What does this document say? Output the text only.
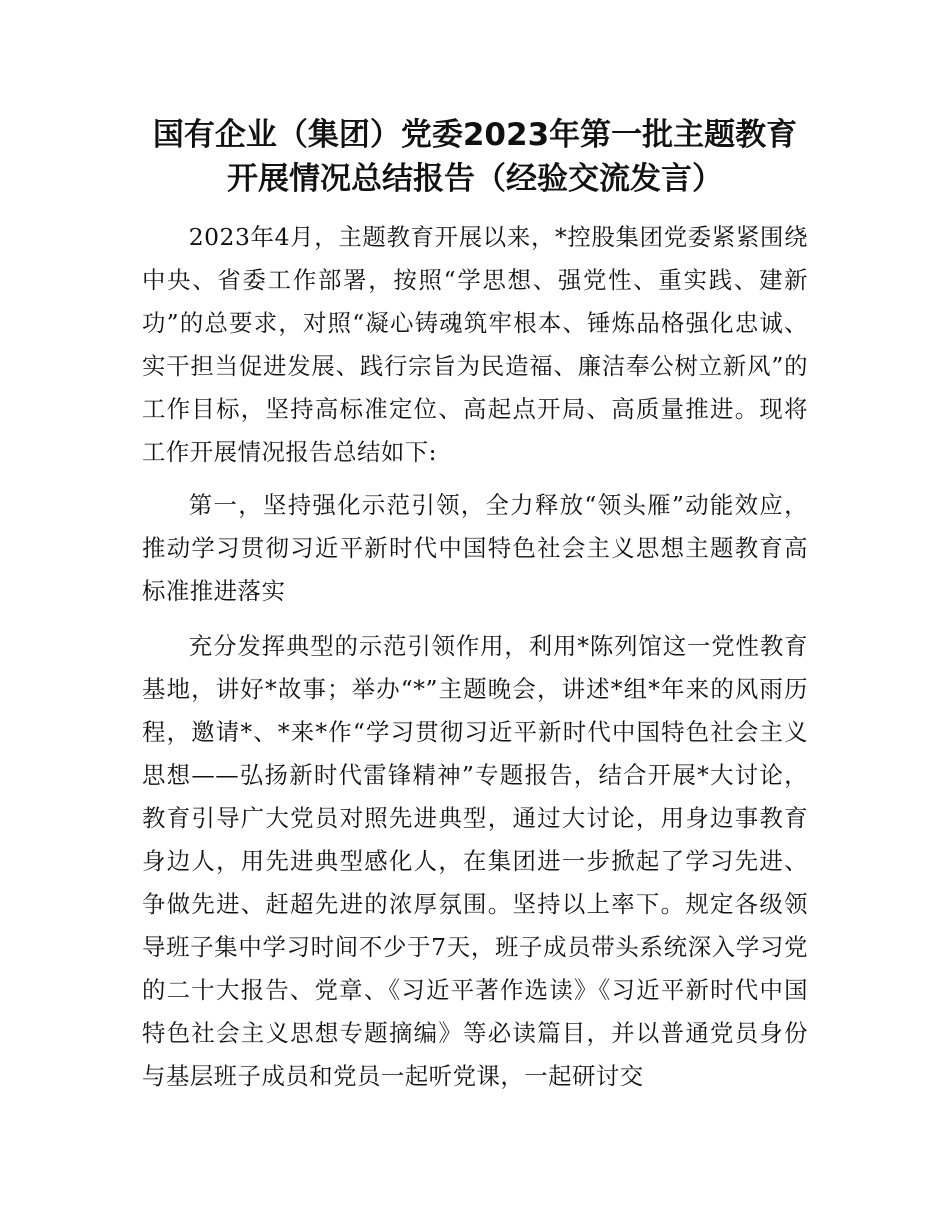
国有企业（集团）党委2023年第一批主题教育
开展情况总结报告（经验交流发言）

2023年4月，主题教育开展以来，*控股集团党委紧紧围绕中央、省委工作部署，按照“学思想、强党性、重实践、建新功”的总要求，对照“凝心铸魂筑牢根本、锤炼品格强化忠诚、实干担当促进发展、践行宗旨为民造福、廉洁奉公树立新风”的工作目标，坚持高标准定位、高起点开局、高质量推进。现将工作开展情况报告总结如下:

第一，坚持强化示范引领，全力释放“领头雁”动能效应，推动学习贯彻习近平新时代中国特色社会主义思想主题教育高标准推进落实

充分发挥典型的示范引领作用，利用*陈列馆这一党性教育基地，讲好*故事；举办“*”主题晚会，讲述*组*年来的风雨历程，邀请*、*来*作“学习贯彻习近平新时代中国特色社会主义思想——弘扬新时代雷锋精神”专题报告，结合开展*大讨论，教育引导广大党员对照先进典型，通过大讨论，用身边事教育身边人，用先进典型感化人，在集团进一步掀起了学习先进、争做先进、赶超先进的浓厚氛围。坚持以上率下。规定各级领导班子集中学习时间不少于7天，班子成员带头系统深入学习党的二十大报告、党章、《习近平著作选读》《习近平新时代中国特色社会主义思想专题摘编》等必读篇目，并以普通党员身份与基层班子成员和党员一起听党课，一起研讨交
